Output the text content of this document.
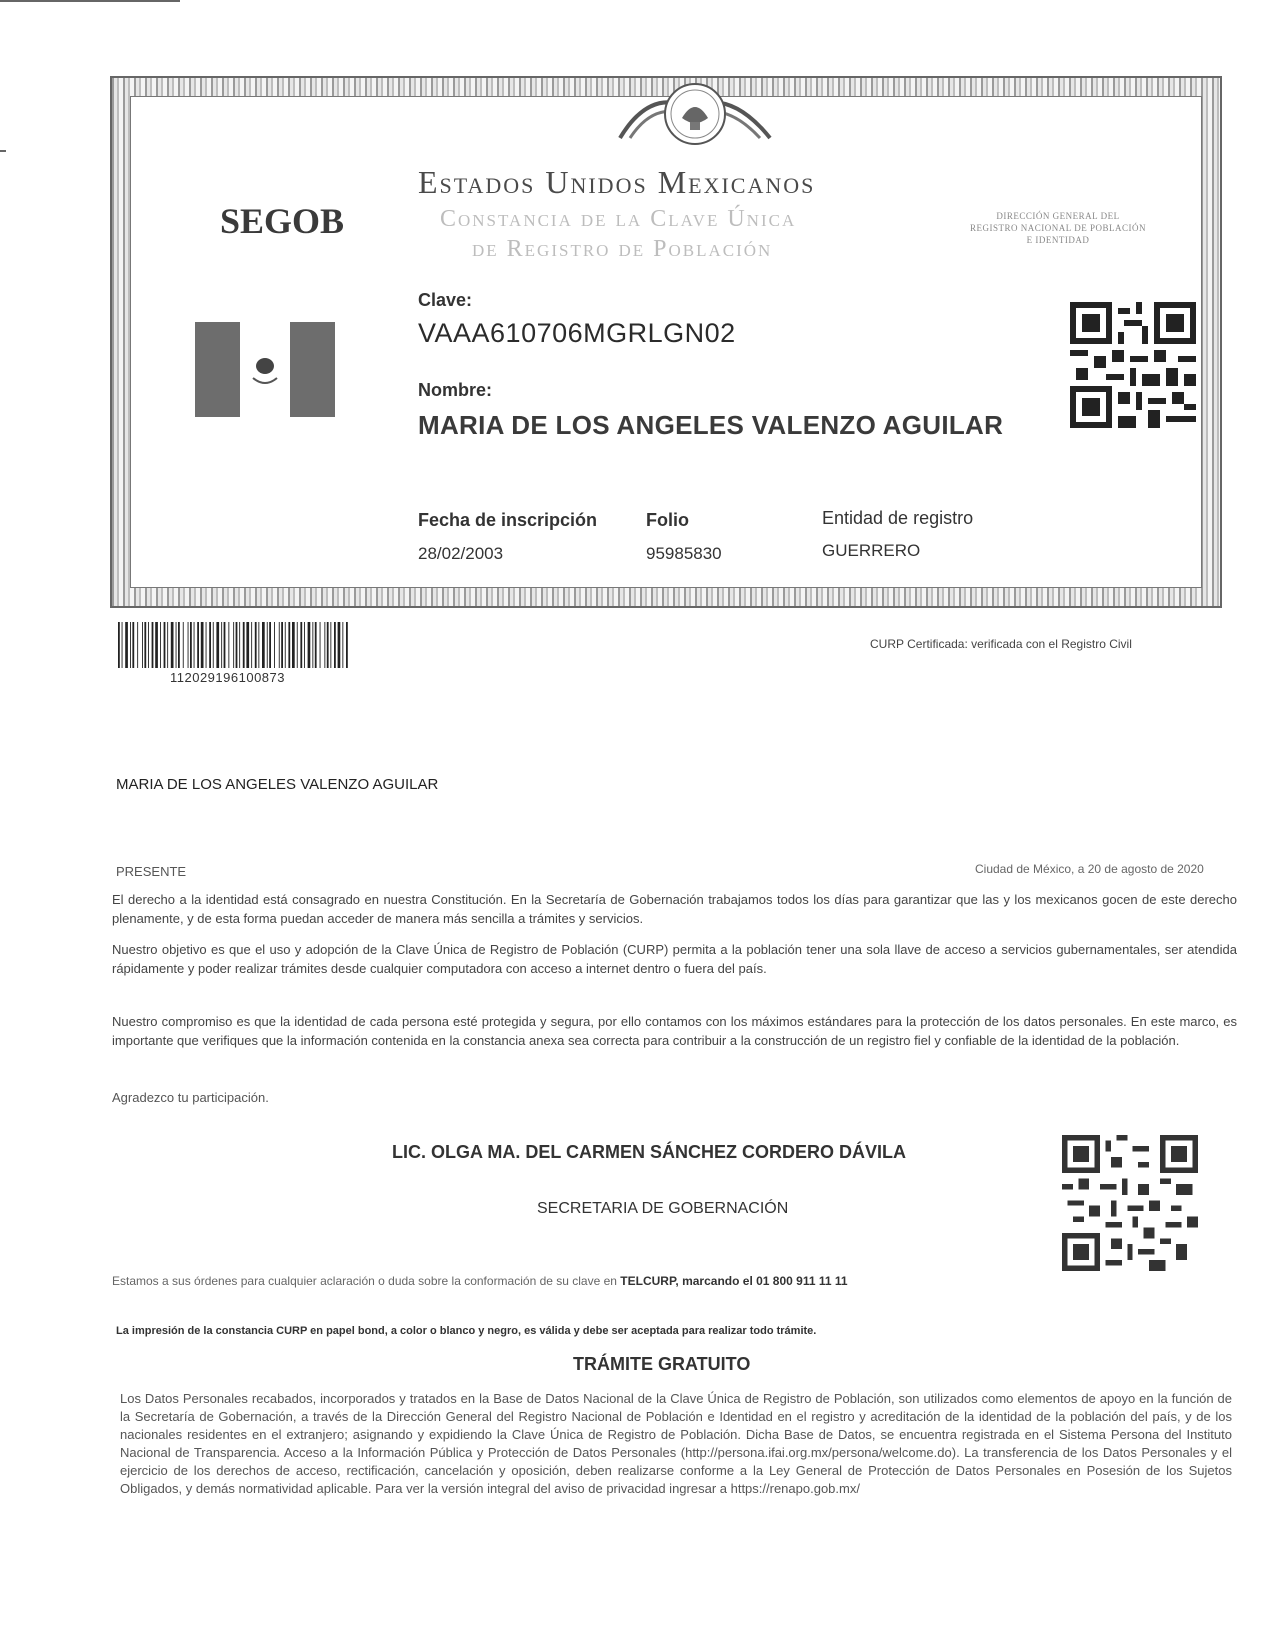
Estados Unidos Mexicanos
Constancia de la Clave Única
de Registro de Población
SEGOB	DIRECCIÓN GENERAL DEL
REGISTRO NACIONAL DE POBLACIÓN
E IDENTIDAD
Clave:
VAAA610706MGRLGN02
Nombre:
MARIA DE LOS ANGELES VALENZO AGUILAR
Fecha de inscripción
28/02/2003
Folio
95985830
Entidad de registro
GUERRERO
112029196100873
CURP Certificada: verificada con el Registro Civil
MARIA DE LOS ANGELES VALENZO AGUILAR
PRESENTE	Ciudad de México, a 20 de agosto de 2020
El derecho a la identidad está consagrado en nuestra Constitución. En la Secretaría de Gobernación trabajamos todos los días para garantizar que las y los mexicanos gocen de este derecho plenamente, y de esta forma puedan acceder de manera más sencilla a trámites y servicios.
Nuestro objetivo es que el uso y adopción de la Clave Única de Registro de Población (CURP) permita a la población tener una sola llave de acceso a servicios gubernamentales, ser atendida rápidamente y poder realizar trámites desde cualquier computadora con acceso a internet dentro o fuera del país.
Nuestro compromiso es que la identidad de cada persona esté protegida y segura, por ello contamos con los máximos estándares para la protección de los datos personales. En este marco, es importante que verifiques que la información contenida en la constancia anexa sea correcta para contribuir a la construcción de un registro fiel y confiable de la identidad de la población.
Agradezco tu participación.
LIC. OLGA MA. DEL CARMEN SÁNCHEZ CORDERO DÁVILA
SECRETARIA DE GOBERNACIÓN
Estamos a sus órdenes para cualquier aclaración o duda sobre la conformación de su clave en TELCURP, marcando el 01 800 911 11 11
La impresión de la constancia CURP en papel bond, a color o blanco y negro, es válida y debe ser aceptada para realizar todo trámite.
TRÁMITE GRATUITO
Los Datos Personales recabados, incorporados y tratados en la Base de Datos Nacional de la Clave Única de Registro de Población, son utilizados como elementos de apoyo en la función de la Secretaría de Gobernación, a través de la Dirección General del Registro Nacional de Población e Identidad en el registro y acreditación de la identidad de la población del país, y de los nacionales residentes en el extranjero; asignando y expidiendo la Clave Única de Registro de Población. Dicha Base de Datos, se encuentra registrada en el Sistema Persona del Instituto Nacional de Transparencia. Acceso a la Información Pública y Protección de Datos Personales (http://persona.ifai.org.mx/persona/welcome.do). La transferencia de los Datos Personales y el ejercicio de los derechos de acceso, rectificación, cancelación y oposición, deben realizarse conforme a la Ley General de Protección de Datos Personales en Posesión de los Sujetos Obligados, y demás normatividad aplicable. Para ver la versión integral del aviso de privacidad ingresar a https://renapo.gob.mx/
